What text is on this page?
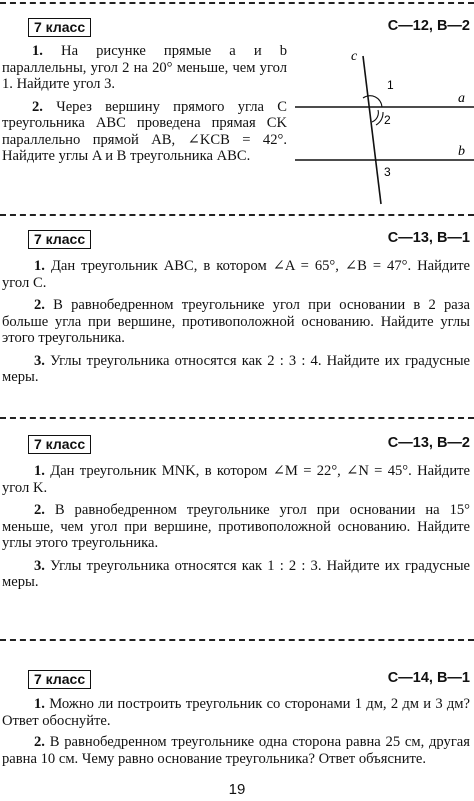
7 класс	С—12, В—2

1. На рисунке прямые a и b параллельны, угол 2 на 20° меньше, чем угол 1. Найдите угол 3.

2. Через вершину прямого угла C треугольника ABC проведена прямая CK параллельно прямой AB, ∠KCB = 42°. Найдите углы A и B треугольника ABC.

c
a
b
1
2
3
7 класс	С—13, В—1

1. Дан треугольник ABC, в котором ∠A = 65°, ∠B = 47°. Найдите угол C.

2. В равнобедренном треугольнике угол при основании в 2 раза больше угла при вершине, противоположной основанию. Найдите углы этого треугольника.

3. Углы треугольника относятся как 2 : 3 : 4. Найдите их градусные меры.

7 класс	С—13, В—2

1. Дан треугольник MNK, в котором ∠M = 22°, ∠N = 45°. Найдите угол K.

2. В равнобедренном треугольнике угол при основании на 15° меньше, чем угол при вершине, противоположной основанию. Найдите углы этого треугольника.

3. Углы треугольника относятся как 1 : 2 : 3. Найдите их градусные меры.

7 класс	С—14, В—1

1. Можно ли построить треугольник со сторонами 1 дм, 2 дм и 3 дм? Ответ обоснуйте.

2. В равнобедренном треугольнике одна сторона равна 25 см, другая равна 10 см. Чему равно основание треугольника? Ответ объясните.

19
